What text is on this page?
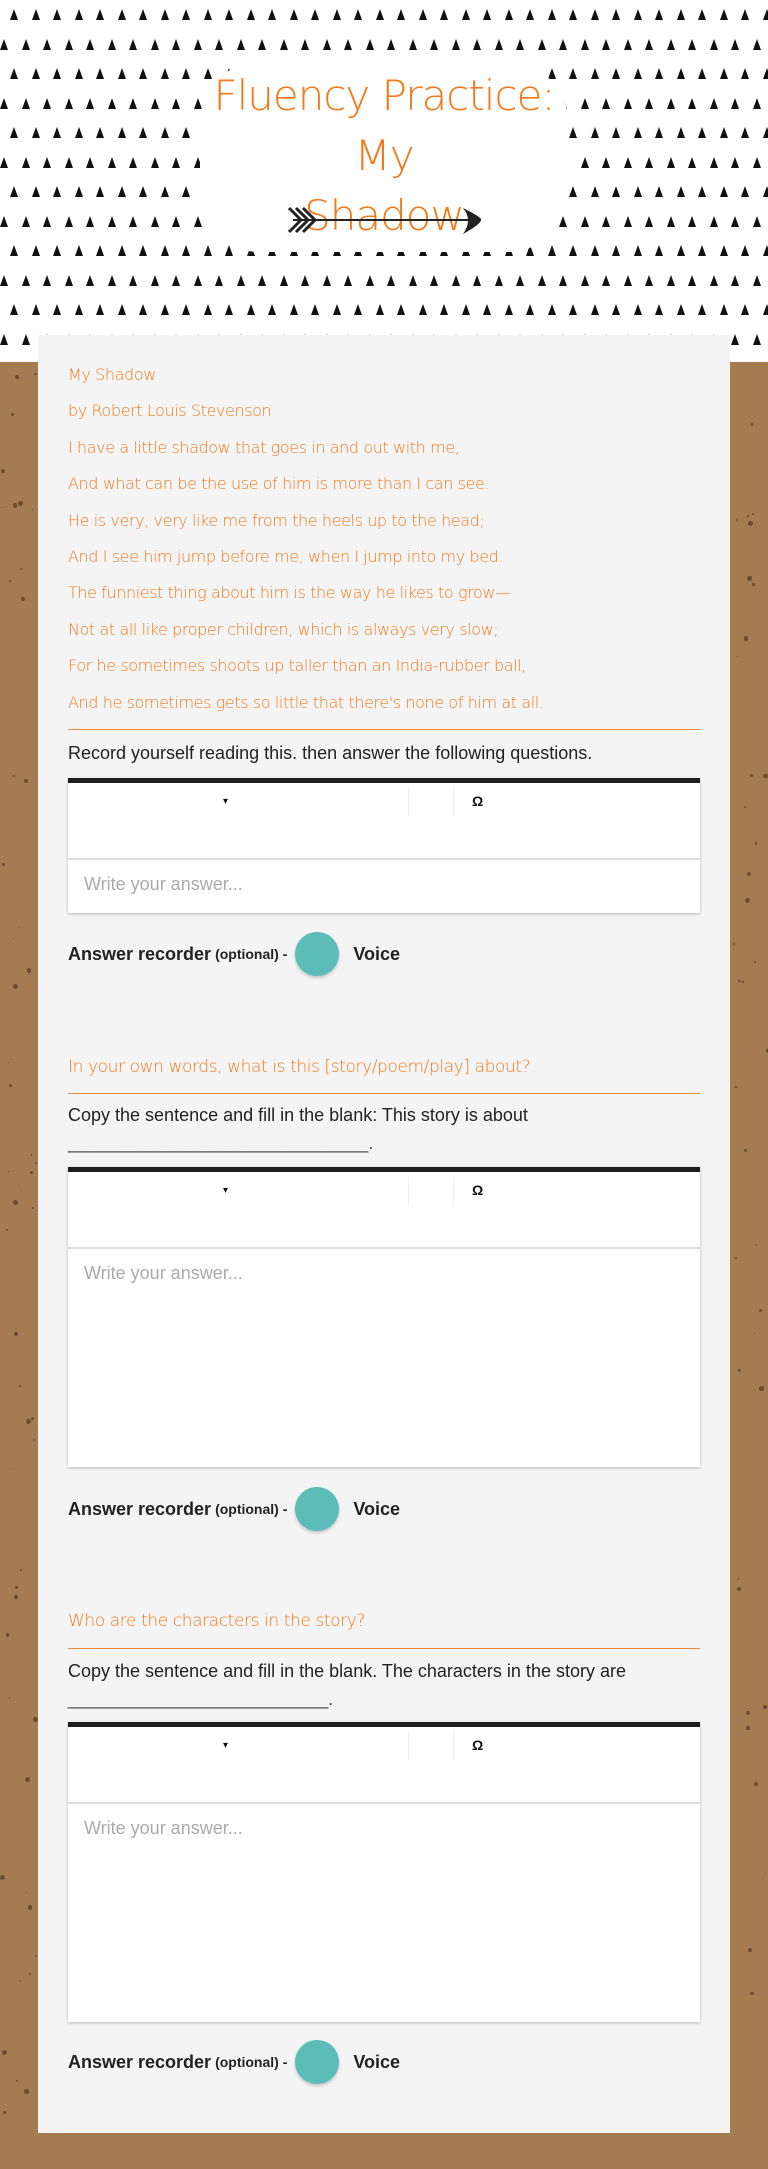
Fluency Practice: My
Shadow
My Shadow
by Robert Louis Stevenson
I have a little shadow that goes in and out with me,
And what can be the use of him is more than I can see.
He is very, very like me from the heels up to the head;
And I see him jump before me, when I jump into my bed.
The funniest thing about him is the way he likes to grow—
Not at all like proper children, which is always very slow;
For he sometimes shoots up taller than an India-rubber ball,
And he sometimes gets so little that there's none of him at all.
Record yourself reading this. then answer the following questions.
▾	Ω
Write your answer...
Answer recorder (optional) -	Voice
In your own words, what is this [story/poem/play] about?
Copy the sentence and fill in the blank: This story is about
______________________________.
▾	Ω
Write your answer...
Answer recorder (optional) -	Voice
Who are the characters in the story?
Copy the sentence and fill in the blank. The characters in the story are
__________________________.
▾	Ω
Write your answer...
Answer recorder (optional) -	Voice
